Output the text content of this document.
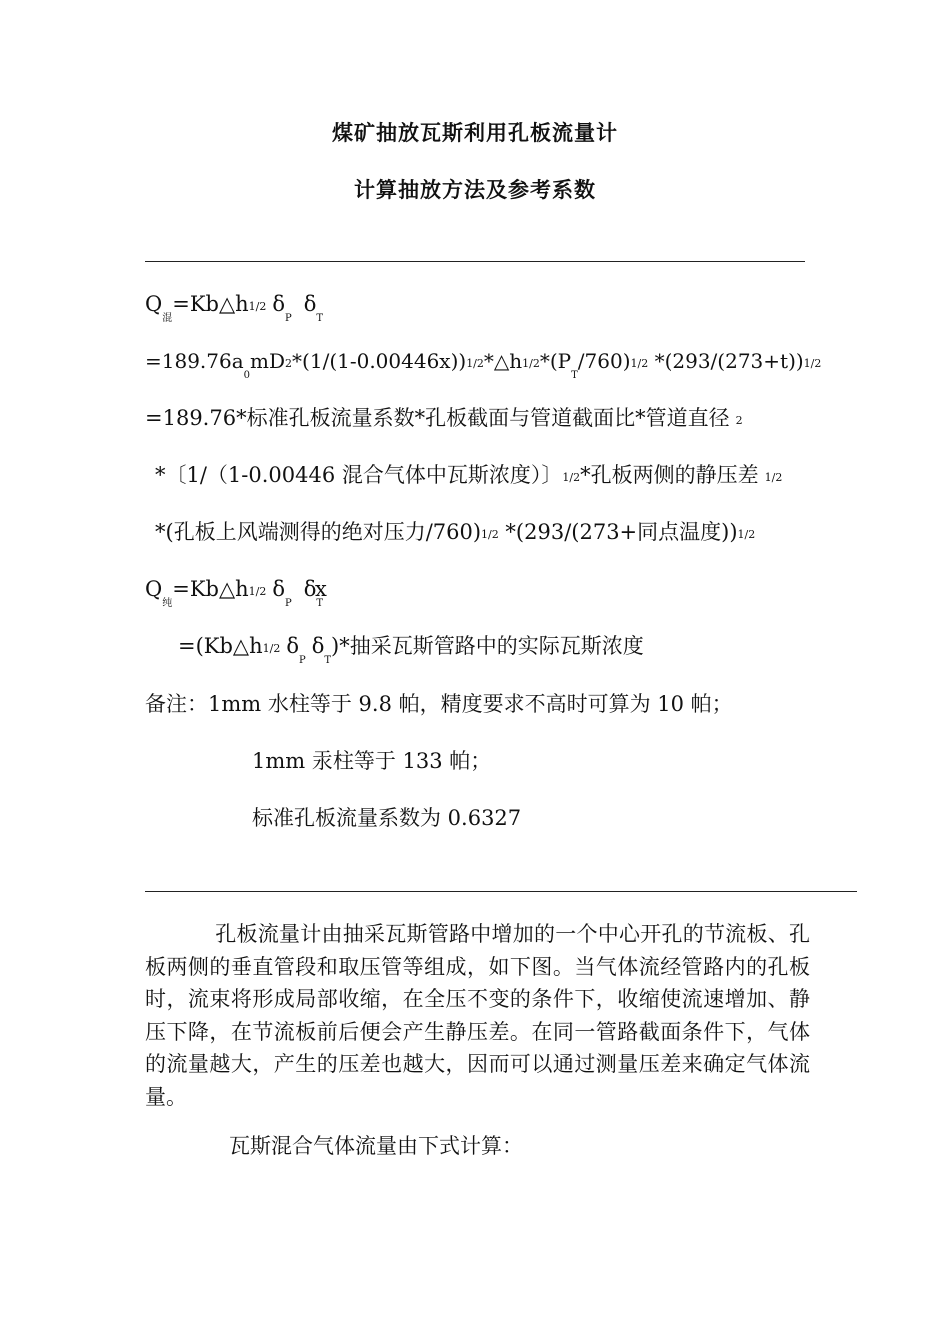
煤矿抽放瓦斯利用孔板流量计
计算抽放方法及参考系数
$Q_混=Kb\triangle h1/2$ $\delta_P\delta_T$
$=189.76a_0mD2*(1/(1-0.00446x))1/2*\triangle h1/2*(P_T/760)1/2$ *(293/(273+t))1/2
=189.76*标准孔板流量系数*孔板截面与管道截面比*管道直径 2
*〔1/（1-0.00446 混合气体中瓦斯浓度）〕1/2*孔板两侧的静压差 1/2
*(孔板上风端测得的绝对压力/760)1/2 *(293/(273+同点温度))1/2
$Q_纯=Kb\triangle h1/2$ $\delta_P\delta_Tx$
=(Kb△h1/2 $\delta_P\delta_T)*$抽采瓦斯管路中的实际瓦斯浓度
备注：1mm 水柱等于 9.8 帕，精度要求不高时可算为 10 帕；
1mm 汞柱等于 133 帕；
标准孔板流量系数为 0.6327
孔板流量计由抽采瓦斯管路中增加的一个中心开孔的节流板、孔板两侧的垂直管段和取压管等组成，如下图。当气体流经管路内的孔板时，流束将形成局部收缩，在全压不变的条件下，收缩使流速增加、静压下降，在节流板前后便会产生静压差。在同一管路截面条件下，气体的流量越大，产生的压差也越大，因而可以通过测量压差来确定气体流量。
瓦斯混合气体流量由下式计算：
